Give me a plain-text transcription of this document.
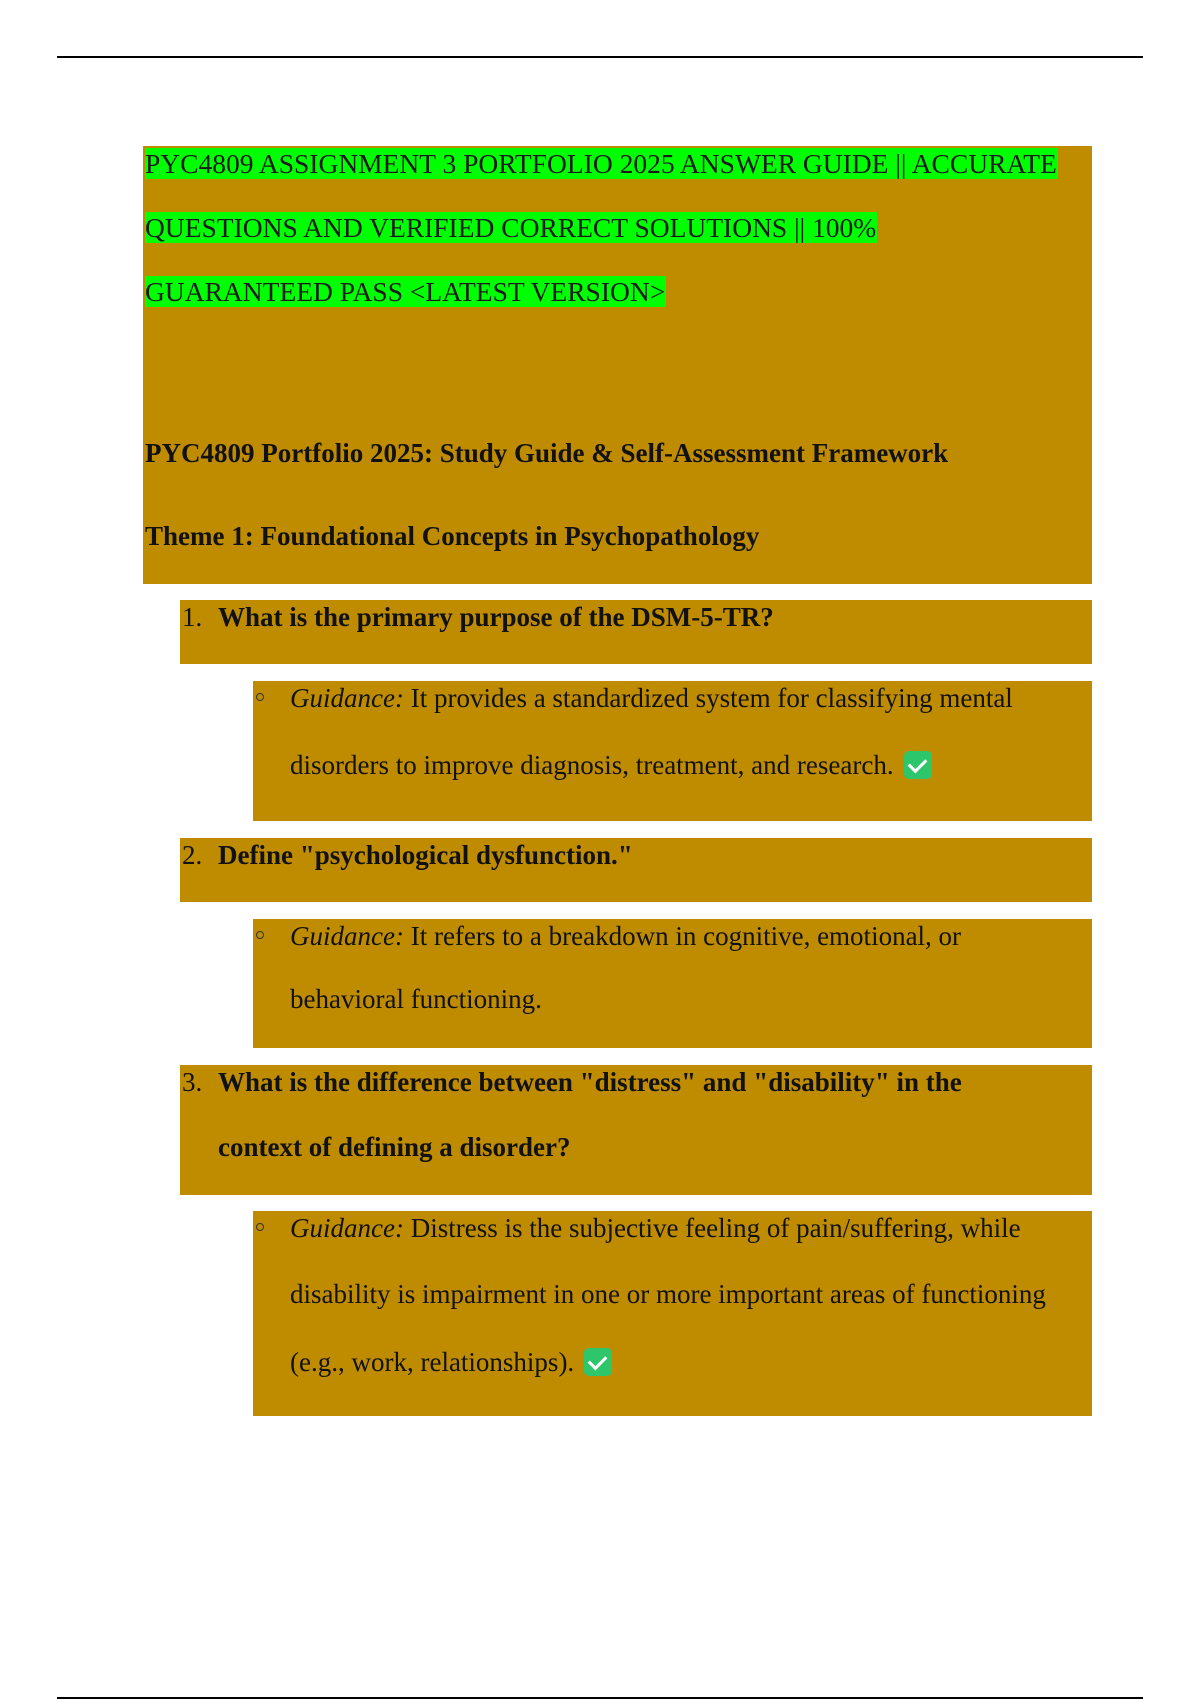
PYC4809 ASSIGNMENT 3 PORTFOLIO 2025 ANSWER GUIDE || ACCURATE
QUESTIONS AND VERIFIED CORRECT SOLUTIONS || 100%
GUARANTEED PASS <LATEST VERSION>
PYC4809 Portfolio 2025: Study Guide & Self-Assessment Framework
Theme 1: Foundational Concepts in Psychopathology
1. What is the primary purpose of the DSM-5-TR?
Guidance: It provides a standardized system for classifying mental
disorders to improve diagnosis, treatment, and research.
2. Define "psychological dysfunction."
Guidance: It refers to a breakdown in cognitive, emotional, or
behavioral functioning.
3. What is the difference between "distress" and "disability" in the
context of defining a disorder?
Guidance: Distress is the subjective feeling of pain/suffering, while
disability is impairment in one or more important areas of functioning
(e.g., work, relationships).
